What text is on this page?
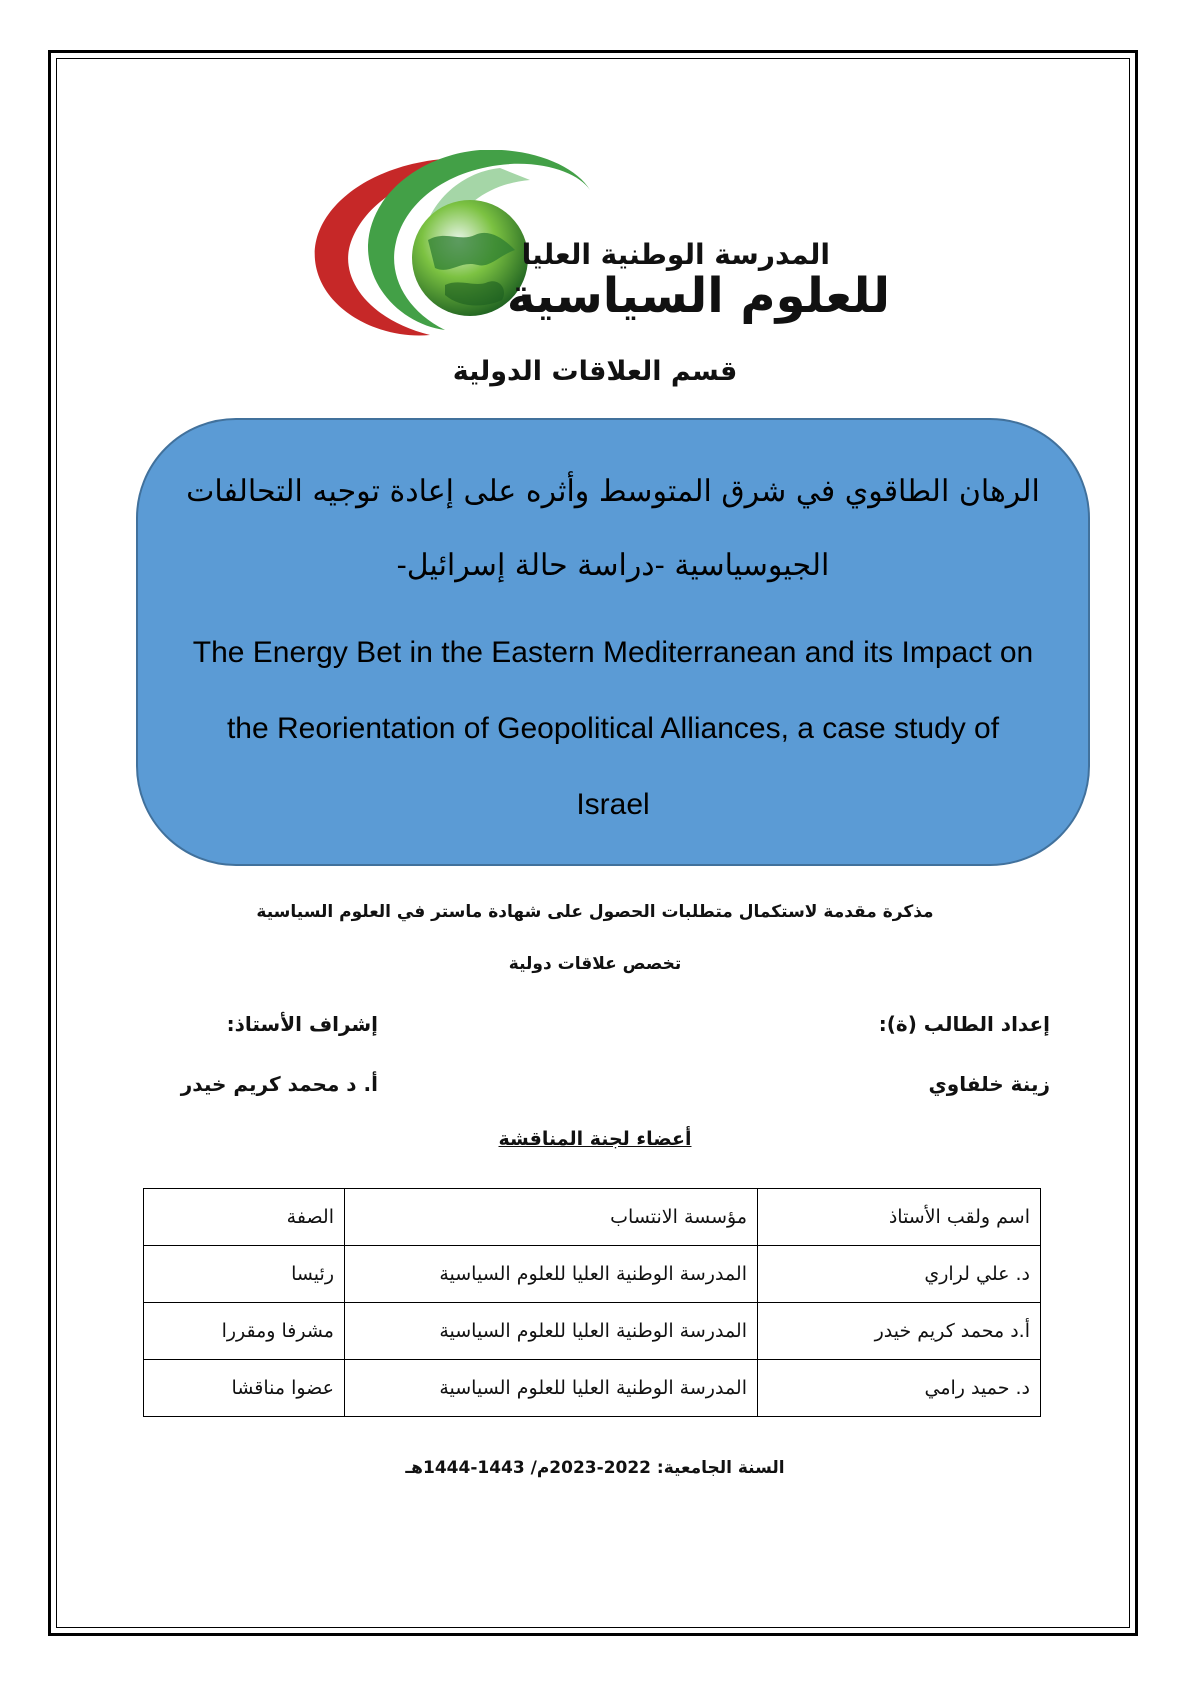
المدرسة الوطنية العليا
للعلوم السياسية
قسم العلاقات الدولية
الرهان الطاقوي في شرق المتوسط وأثره على إعادة توجيه التحالفات
الجيوسياسية -دراسة حالة إسرائيل-
The Energy Bet in the Eastern Mediterranean and its Impact on
the Reorientation of Geopolitical Alliances, a case study of
Israel
مذكرة مقدمة لاستكمال متطلبات الحصول على شهادة ماستر في العلوم السياسية
تخصص علاقات دولية
إعداد الطالب (ة):
إشراف الأستاذ:
زينة خلفاوي
أ. د محمد كريم خيدر
أعضاء لجنة المناقشة
اسم ولقب الأستاذ	مؤسسة الانتساب	الصفة
د. علي لراري	المدرسة الوطنية العليا للعلوم السياسية	رئيسا
أ.د محمد كريم خيدر	المدرسة الوطنية العليا للعلوم السياسية	مشرفا ومقررا
د. حميد رامي	المدرسة الوطنية العليا للعلوم السياسية	عضوا مناقشا
السنة الجامعية: 2022-2023م/ 1443-1444هـ
